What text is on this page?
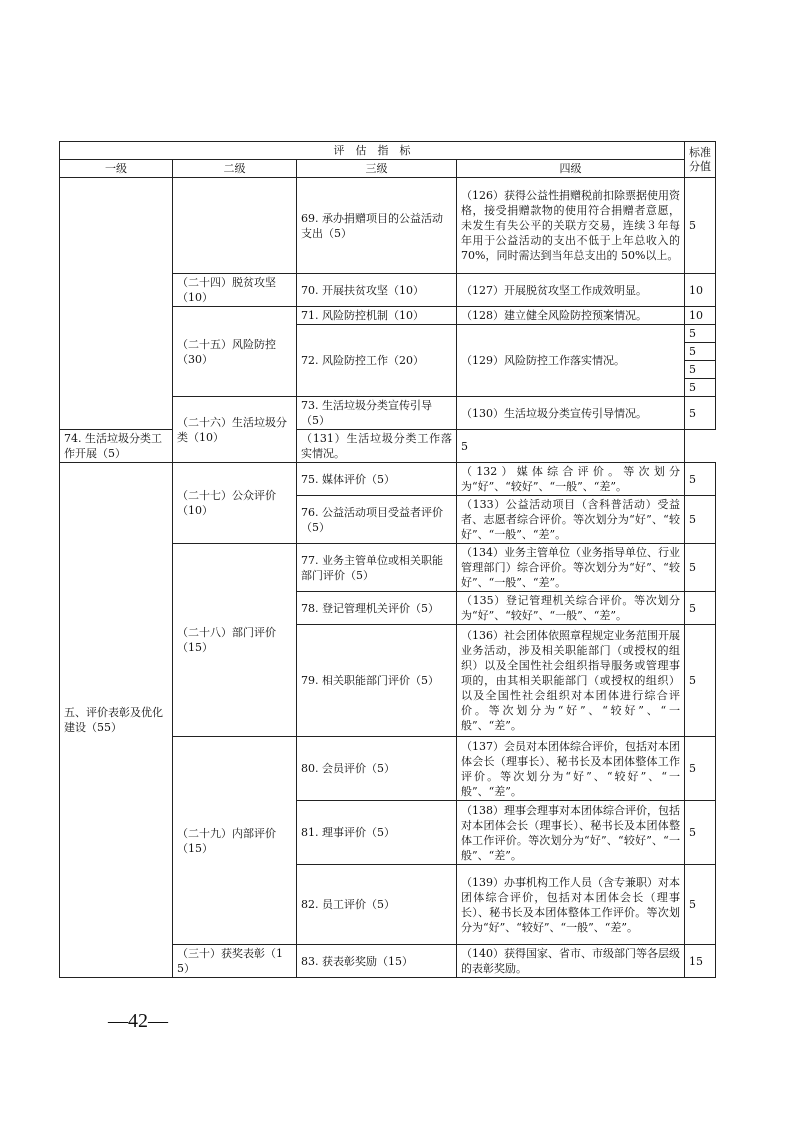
评　估　指　标				标准分值
一级	二级	三级	四级	
		69. 承办捐赠项目的公益活动支出（5）	（126）获得公益性捐赠税前扣除票据使用资格，接受捐赠款物的使用符合捐赠者意愿，未发生有失公平的关联方交易，连续３年每年用于公益活动的支出不低于上年总收入的 70%，同时需达到当年总支出的 50%以上。	5
	（二十四）脱贫攻坚（10）	70. 开展扶贫攻坚（10）	（127）开展脱贫攻坚工作成效明显。	10
	（二十五）风险防控（30）	71. 风险防控机制（10）	（128）建立健全风险防控预案情况。	10
		72. 风险防控工作（20）	（129）风险防控工作落实情况。	5
				5
				5
				5
	（二十六）生活垃圾分类（10）	73. 生活垃圾分类宣传引导（5）	（130）生活垃圾分类宣传引导情况。	5
74. 生活垃圾分类工作开展（5）		（131）生活垃圾分类工作落实情况。	5	
五、评价表彰及优化建设（55）	（二十七）公众评价（10）	75. 媒体评价（5）	（132）媒体综合评价。等次划分为“好”、“较好”、“一般”、“差”。	5
		76. 公益活动项目受益者评价（5）	（133）公益活动项目（含科普活动）受益者、志愿者综合评价。等次划分为“好”、“较好”、“一般”、“差”。	5
	（二十八）部门评价（15）	77. 业务主管单位或相关职能部门评价（5）	（134）业务主管单位（业务指导单位、行业管理部门）综合评价。等次划分为“好”、“较好”、“一般”、“差”。	5
		78. 登记管理机关评价（5）	（135）登记管理机关综合评价。等次划分为“好”、“较好”、“一般”、“差”。	5
		79. 相关职能部门评价（5）	（136）社会团体依照章程规定业务范围开展业务活动，涉及相关职能部门（或授权的组织）以及全国性社会组织指导服务或管理事项的，由其相关职能部门（或授权的组织）以及全国性社会组织对本团体进行综合评价。等次划分为“好”、“较好”、“一般”、“差”。	5
	（二十九）内部评价（15）	80. 会员评价（5）	（137）会员对本团体综合评价，包括对本团体会长（理事长）、秘书长及本团体整体工作评价。等次划分为“好”、“较好”、“一般”、“差”。	5
		81. 理事评价（5）	（138）理事会理事对本团体综合评价，包括对本团体会长（理事长）、秘书长及本团体整体工作评价。等次划分为“好”、“较好”、“一般”、“差”。	5
		82. 员工评价（5）	（139）办事机构工作人员（含专兼职）对本团体综合评价，包括对本团体会长（理事长）、秘书长及本团体整体工作评价。等次划分为“好”、“较好”、“一般”、“差”。	5
	（三十）获奖表彰（15）	83. 获表彰奖励（15）	（140）获得国家、省市、市级部门等各层级的表彰奖励。	15
—42—
